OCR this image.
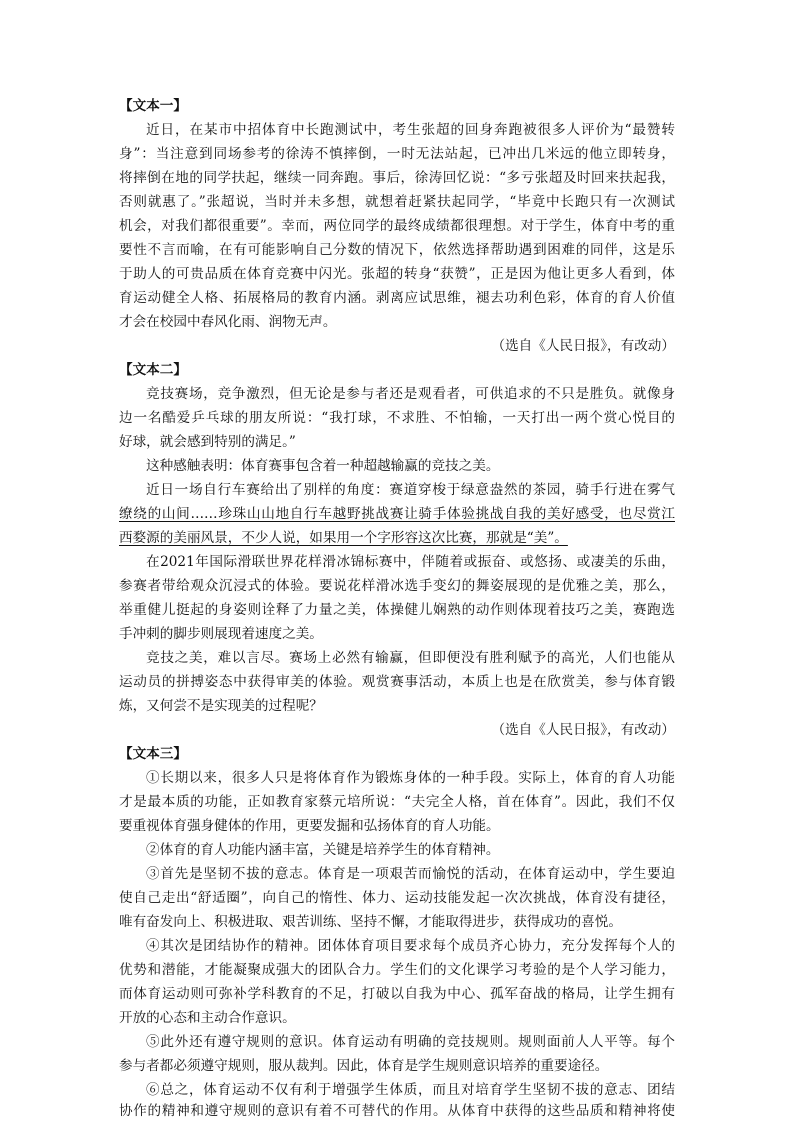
【文本一】
近日，在某市中招体育中长跑测试中，考生张超的回身奔跑被很多人评价为“最赞转
身”：当注意到同场参考的徐涛不慎摔倒，一时无法站起，已冲出几米远的他立即转身，
将摔倒在地的同学扶起，继续一同奔跑。事后，徐涛回忆说：“多亏张超及时回来扶起我，
否则就惠了。”张超说，当时并未多想，就想着赶紧扶起同学，“毕竟中长跑只有一次测试
机会，对我们都很重要”。幸而，两位同学的最终成绩都很理想。对于学生，体育中考的重
要性不言而喻，在有可能影响自己分数的情况下，依然选择帮助遇到困难的同伴，这是乐
于助人的可贵品质在体育竞赛中闪光。张超的转身“获赞”，正是因为他让更多人看到，体
育运动健全人格、拓展格局的教育内涵。剥离应试思维，褪去功利色彩，体育的育人价值
才会在校园中春风化雨、润物无声。
（选自《人民日报》，有改动）
【文本二】
竞技赛场，竞争激烈，但无论是参与者还是观看者，可供追求的不只是胜负。就像身
边一名酷爱乒乓球的朋友所说：“我打球，不求胜、不怕输，一天打出一两个赏心悦目的
好球，就会感到特别的满足。”
这种感触表明：体育赛事包含着一种超越输赢的竞技之美。
近日一场自行车赛给出了别样的角度：赛道穿梭于绿意盎然的茶园，骑手行进在雾气
缭绕的山间……珍珠山山地自行车越野挑战赛让骑手体验挑战自我的美好感受，也尽赏江
西婺源的美丽风景，不少人说，如果用一个字形容这次比赛，那就是“美”。
在2021年国际滑联世界花样滑冰锦标赛中，伴随着或振奋、或悠扬、或凄美的乐曲，
参赛者带给观众沉浸式的体验。要说花样滑冰选手变幻的舞姿展现的是优雅之美，那么，
举重健儿挺起的身姿则诠释了力量之美，体操健儿娴熟的动作则体现着技巧之美，赛跑选
手冲刺的脚步则展现着速度之美。
竞技之美，难以言尽。赛场上必然有输赢，但即便没有胜利赋予的高光，人们也能从
运动员的拼搏姿态中获得审美的体验。观赏赛事活动，本质上也是在欣赏美，参与体育锻
炼，又何尝不是实现美的过程呢？
（选自《人民日报》，有改动）
【文本三】
①长期以来，很多人只是将体育作为锻炼身体的一种手段。实际上，体育的育人功能
才是最本质的功能，正如教育家蔡元培所说：“夫完全人格，首在体育”。因此，我们不仅
要重视体育强身健体的作用，更要发掘和弘扬体育的育人功能。
②体育的育人功能内涵丰富，关键是培养学生的体育精神。
③首先是坚韧不拔的意志。体育是一项艰苦而愉悦的活动，在体育运动中，学生要迫
使自己走出“舒适圈”，向自己的惰性、体力、运动技能发起一次次挑战，体育没有捷径，
唯有奋发向上、积极进取、艰苦训练、坚持不懈，才能取得进步，获得成功的喜悦。
④其次是团结协作的精神。团体体育项目要求每个成员齐心协力，充分发挥每个人的
优势和潜能，才能凝聚成强大的团队合力。学生们的文化课学习考验的是个人学习能力，
而体育运动则可弥补学科教育的不足，打破以自我为中心、孤军奋战的格局，让学生拥有
开放的心态和主动合作意识。
⑤此外还有遵守规则的意识。体育运动有明确的竞技规则。规则面前人人平等。每个
参与者都必须遵守规则，服从裁判。因此，体育是学生规则意识培养的重要途径。
⑥总之，体育运动不仅有利于增强学生体质，而且对培育学生坚韧不拔的意志、团结
协作的精神和遵守规则的意识有着不可替代的作用。从体育中获得的这些品质和精神将使
